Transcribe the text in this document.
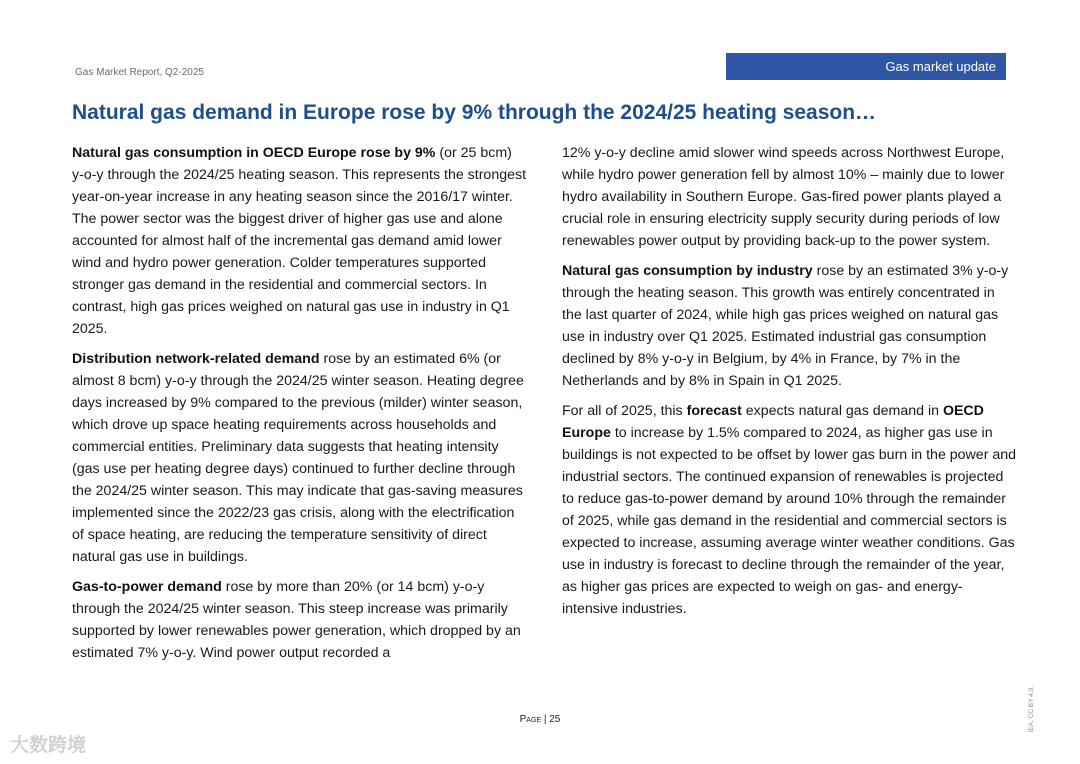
Gas Market Report, Q2-2025	Gas market update
Natural gas demand in Europe rose by 9% through the 2024/25 heating season…

Natural gas consumption in OECD Europe rose by 9% (or 25 bcm) y-o-y through the 2024/25 heating season. This represents the strongest year-on-year increase in any heating season since the 2016/17 winter. The power sector was the biggest driver of higher gas use and alone accounted for almost half of the incremental gas demand amid lower wind and hydro power generation. Colder temperatures supported stronger gas demand in the residential and commercial sectors. In contrast, high gas prices weighed on natural gas use in industry in Q1 2025.

Distribution network-related demand rose by an estimated 6% (or almost 8 bcm) y-o-y through the 2024/25 winter season. Heating degree days increased by 9% compared to the previous (milder) winter season, which drove up space heating requirements across households and commercial entities. Preliminary data suggests that heating intensity (gas use per heating degree days) continued to further decline through the 2024/25 winter season. This may indicate that gas-saving measures implemented since the 2022/23 gas crisis, along with the electrification of space heating, are reducing the temperature sensitivity of direct natural gas use in buildings.

Gas-to-power demand rose by more than 20% (or 14 bcm) y-o-y through the 2024/25 winter season. This steep increase was primarily supported by lower renewables power generation, which dropped by an estimated 7% y-o-y. Wind power output recorded a

12% y-o-y decline amid slower wind speeds across Northwest Europe, while hydro power generation fell by almost 10% – mainly due to lower hydro availability in Southern Europe. Gas-fired power plants played a crucial role in ensuring electricity supply security during periods of low renewables power output by providing back-up to the power system.

Natural gas consumption by industry rose by an estimated 3% y-o-y through the heating season. This growth was entirely concentrated in the last quarter of 2024, while high gas prices weighed on natural gas use in industry over Q1 2025. Estimated industrial gas consumption declined by 8% y-o-y in Belgium, by 4% in France, by 7% in the Netherlands and by 8% in Spain in Q1 2025.

For all of 2025, this forecast expects natural gas demand in OECD Europe to increase by 1.5% compared to 2024, as higher gas use in buildings is not expected to be offset by lower gas burn in the power and industrial sectors. The continued expansion of renewables is projected to reduce gas-to-power demand by around 10% through the remainder of 2025, while gas demand in the residential and commercial sectors is expected to increase, assuming average winter weather conditions. Gas use in industry is forecast to decline through the remainder of the year, as higher gas prices are expected to weigh on gas- and energy-intensive industries.

Page | 25	IEA. CC BY 4.0.
大数跨境
